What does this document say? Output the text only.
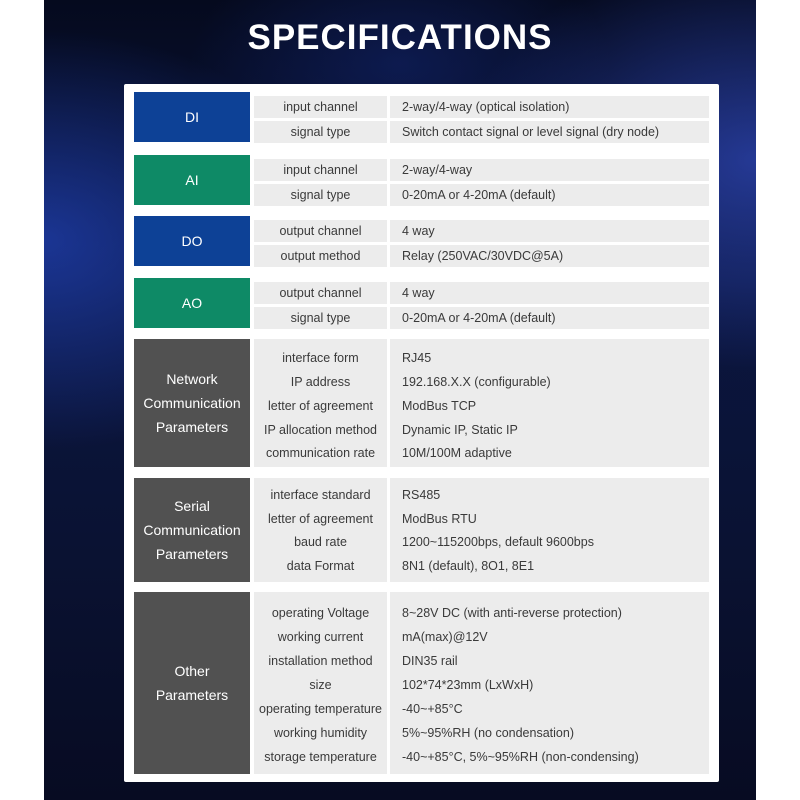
SPECIFICATIONS
DI
input channel	2-way/4-way (optical isolation)
signal type	Switch contact signal or level signal (dry node)
AI
input channel	2-way/4-way
signal type	0-20mA or 4-20mA (default)
DO
output channel	4 way
output method	Relay (250VAC/30VDC@5A)
AO
output channel	4 way
signal type	0-20mA or 4-20mA (default)
Network
Communication
Parameters
interface form	RJ45
IP address	192.168.X.X (configurable)
letter of agreement	ModBus TCP
IP allocation method	Dynamic IP, Static IP
communication rate	10M/100M adaptive
Serial
Communication
Parameters
interface standard	RS485
letter of agreement	ModBus RTU
baud rate	1200~115200bps, default 9600bps
data Format	8N1 (default), 8O1, 8E1
Other
Parameters
operating Voltage	8~28V DC (with anti-reverse protection)
working current	mA(max)@12V
installation method	DIN35 rail
size	102*74*23mm (LxWxH)
operating temperature	-40~+85°C
working humidity	5%~95%RH (no condensation)
storage temperature	-40~+85°C, 5%~95%RH (non-condensing)
